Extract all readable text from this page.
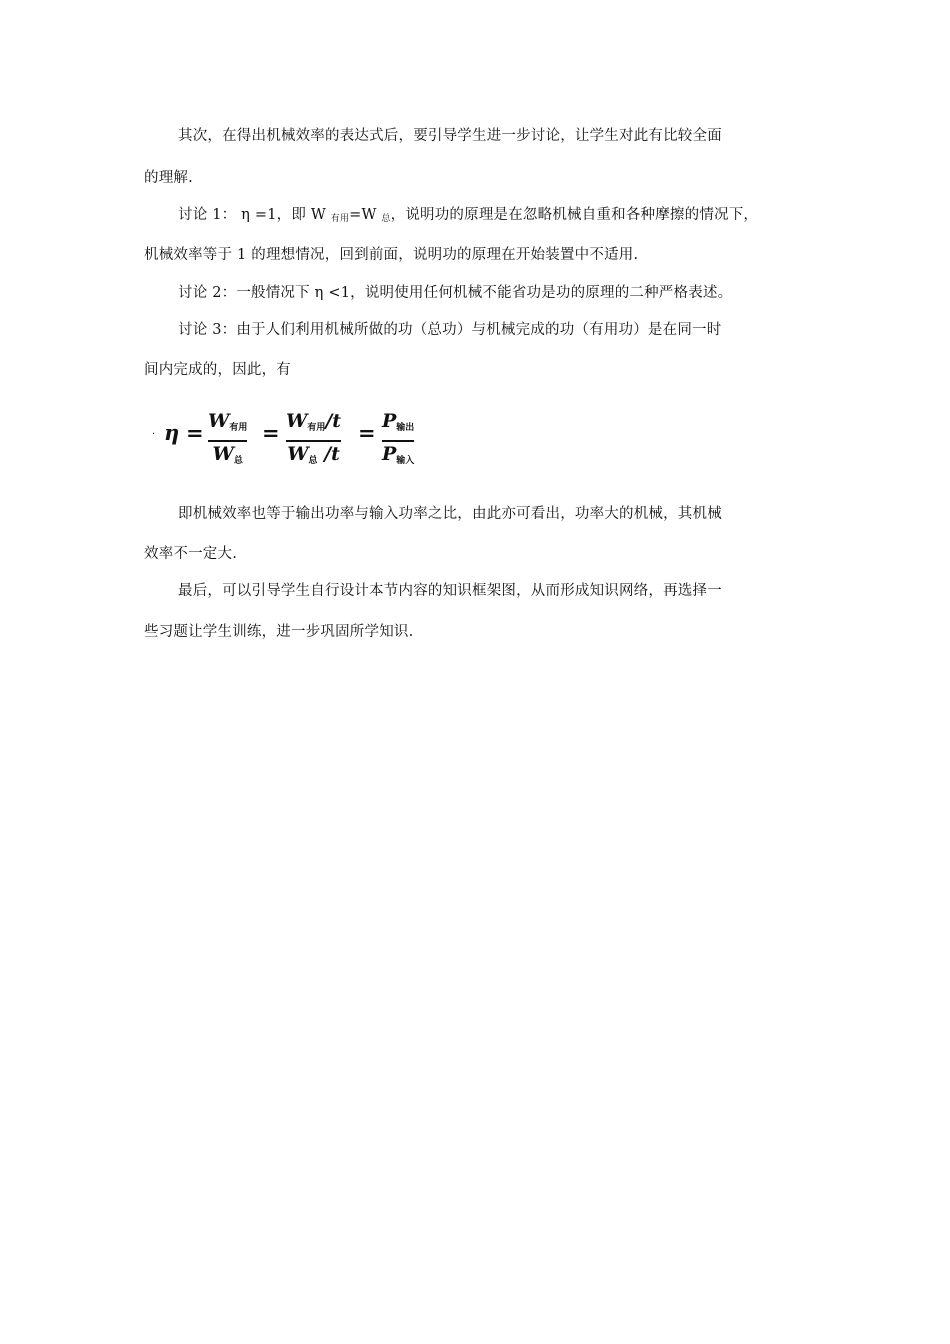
其次，在得出机械效率的表达式后，要引导学生进一步讨论，让学生对此有比较全面
的理解.
讨论 1： η =1，即 W $_{有用}$=W $_总$，说明功的原理是在忽略机械自重和各种摩擦的情况下，
机械效率等于 1 的理想情况，回到前面，说明功的原理在开始装置中不适用.
讨论 2：一般情况下 η <1，说明使用任何机械不能省功是功的原理的二种严格表述。
讨论 3：由于人们利用机械所做的功（总功）与机械完成的功（有用功）是在同一时
间内完成的，因此，有
· η = W有用
W总
= W有用/t
W总 /t
= P输出
P输入
即机械效率也等于输出功率与输入功率之比，由此亦可看出，功率大的机械，其机械
效率不一定大.
最后，可以引导学生自行设计本节内容的知识框架图，从而形成知识网络，再选择一
些习题让学生训练，进一步巩固所学知识.
